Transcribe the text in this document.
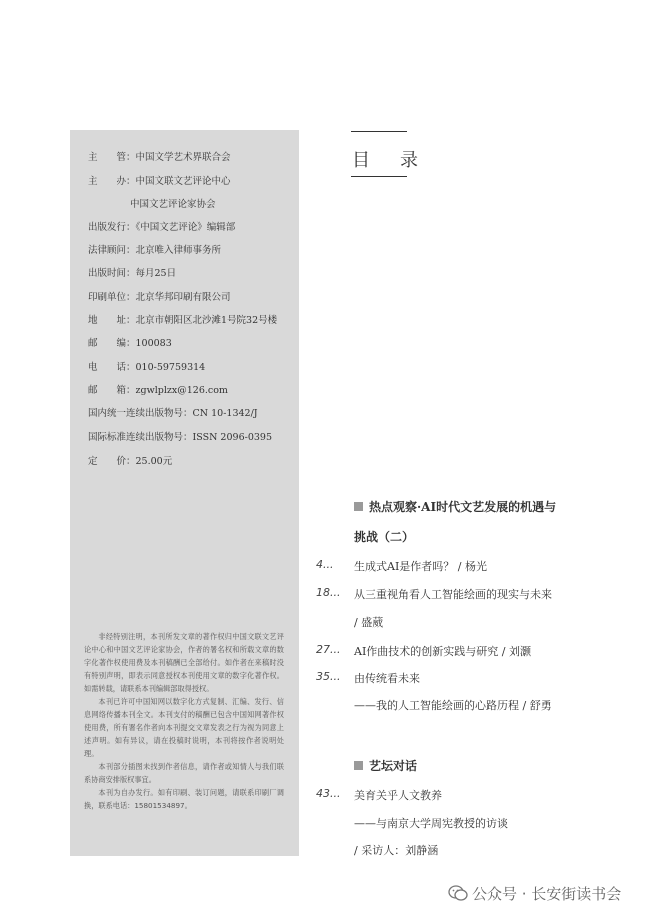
主　　管：中国文学艺术界联合会
主　　办：中国文联文艺评论中心
中国文艺评论家协会
出版发行：《中国文艺评论》编辑部
法律顾问：北京唯入律师事务所
出版时间：每月25日
印刷单位：北京华邦印刷有限公司
地　　址：北京市朝阳区北沙滩1号院32号楼
邮　　编：100083
电　　话：010-59759314
邮　　箱：zgwlplzx@126.com
国内统一连续出版物号：CN 10-1342/J
国际标准连续出版物号：ISSN 2096-0395
定　　价：25.00元

非经特别注明，本刊所发文章的著作权归中国文联文艺评论中心和中国文艺评论家协会，作者的署名权和所载文章的数字化著作权使用费及本刊稿酬已全部给付。如作者在来稿时没有特别声明，即表示同意授权本刊使用文章的数字化著作权。如需转载，请联系本刊编辑部取得授权。

本刊已许可中国知网以数字化方式复制、汇编、发行、信息网络传播本刊全文。本刊支付的稿酬已包含中国知网著作权使用费，所有署名作者向本刊提交文章发表之行为视为同意上述声明。如有异议，请在投稿时说明，本刊将按作者说明处理。

本刊部分插图未找到作者信息，请作者或知情人与我们联系协商安排版权事宜。

本刊为自办发行。如有印刷、装订问题，请联系印刷厂调换，联系电话：15801534897。

目　录
热点观察·AI时代文艺发展的机遇与
挑战（二）
4...	生成式AI是作者吗？ / 杨光
18...	从三重视角看人工智能绘画的现实与未来
/ 盛葳
27...	AI作曲技术的创新实践与研究 / 刘灏
35...	由传统看未来
——我的人工智能绘画的心路历程 / 舒勇
艺坛对话
43...	美育关乎人文教养
——与南京大学周宪教授的访谈
/ 采访人：刘静涵
公众号 · 长安街读书会
